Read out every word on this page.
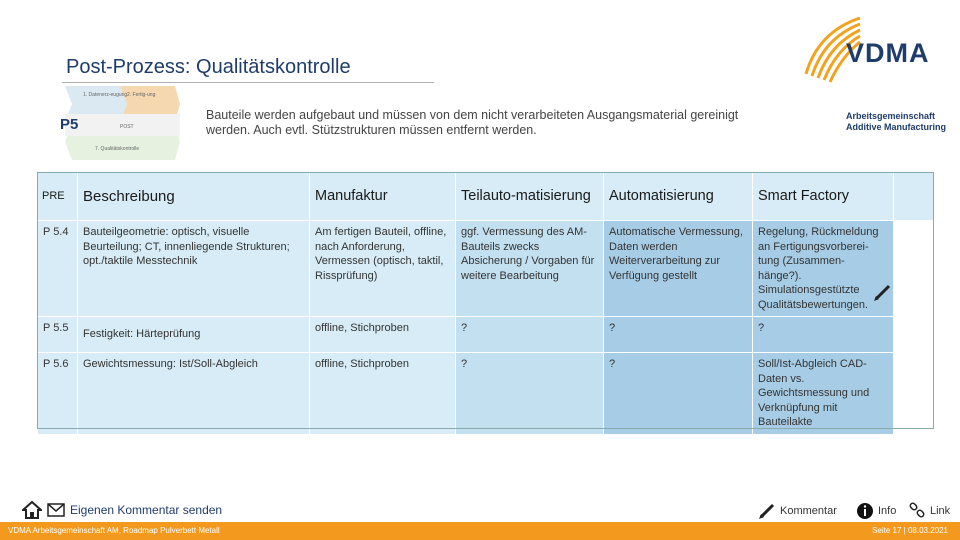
Post-Prozess: Qualitätskontrolle	VDMA
Arbeitsgemeinschaft
Additive Manufacturing
1. Datenerz-eugung 2. Fertig-ung
POST
7. Qualitätskontrolle
P5
Bauteile werden aufgebaut und müssen von dem nicht verarbeiteten Ausgangsmaterial gereinigt werden. Auch evtl. Stützstrukturen müssen entfernt werden.
PRE	Beschreibung	Manufaktur	Teilauto-matisierung	Automatisierung	Smart Factory	
P 5.4	Bauteilgeometrie: optisch, visuelle Beurteilung; CT, innenliegende Strukturen; opt./taktile Messtechnik	Am fertigen Bauteil, offline, nach Anforderung, Vermessen (optisch, taktil, Rissprüfung)	ggf. Vermessung des AM-Bauteils zwecks Absicherung / Vorgaben für weitere Bearbeitung	Automatische Vermessung, Daten werden Weiterverarbeitung zur Verfügung gestellt	Regelung, Rückmeldung an Fertigungsvorberei-tung (Zusammen-hänge?). Simulationsgestützte Qualitätsbewertungen.	
P 5.5	Festigkeit: Härteprüfung	offline, Stichproben	?	?	?	
P 5.6	Gewichtsmessung: Ist/Soll-Abgleich	offline, Stichproben	?	?	Soll/Ist-Abgleich CAD-Daten vs. Gewichtsmessung und Verknüpfung mit Bauteilakte	
Eigenen Kommentar senden	Kommentar	Info	Link
VDMA Arbeitsgemeinschaft AM, Roadmap Pulverbett Metall	Seite 17 | 08.03.2021
